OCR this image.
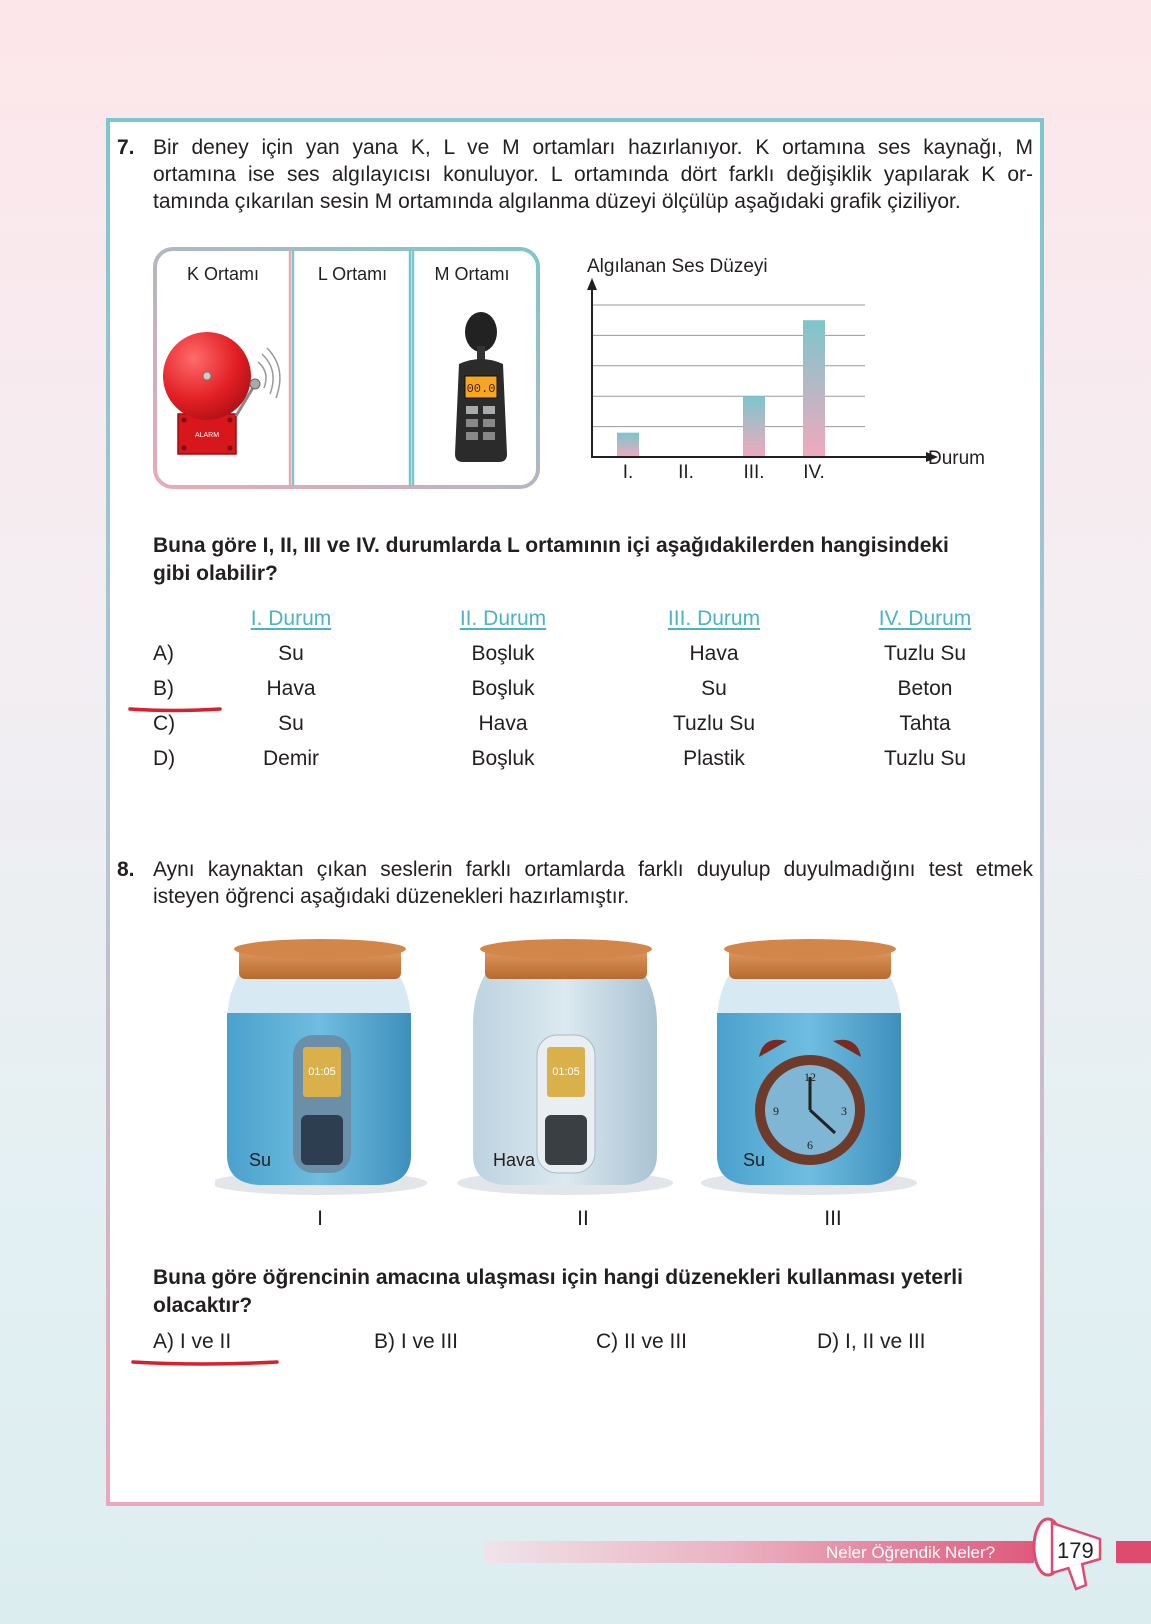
7. Bir deney için yan yana K, L ve M ortamları hazırlanıyor. K ortamına ses kaynağı, M
ortamına ise ses algılayıcısı konuluyor. L ortamında dört farklı değişiklik yapılarak K or-
tamında çıkarılan sesin M ortamında algılanma düzeyi ölçülüp aşağıdaki grafik çiziliyor.
ALARM
00.0
K Ortamı	L Ortamı	M Ortamı	Algılanan Ses Düzeyi
Durum
I. II.	III. IV.
Buna göre I, II, III ve IV. durumlarda L ortamının içi aşağıdakilerden hangisindeki
gibi olabilir?
I. Durum	II. Durum	III. Durum	IV. Durum
A)	Su	Boşluk	Hava	Tuzlu Su
B)	Hava	Boşluk	Su	Beton
C)	Su	Hava	Tuzlu Su	Tahta
D)	Demir	Boşluk	Plastik	Tuzlu Su
8. Aynı kaynaktan çıkan seslerin farklı ortamlarda farklı duyulup duyulmadığını test etmek
isteyen öğrenci aşağıdaki düzenekleri hazırlamıştır.
01:05	01:05	12
3
6
9
Su	Hava	Su
I	II	III
Buna göre öğrencinin amacına ulaşması için hangi düzenekleri kullanması yeterli
olacaktır?
A) I ve II	B) I ve III	C) II ve III	D) I, II ve III
Neler Öğrendik Neler?	179
